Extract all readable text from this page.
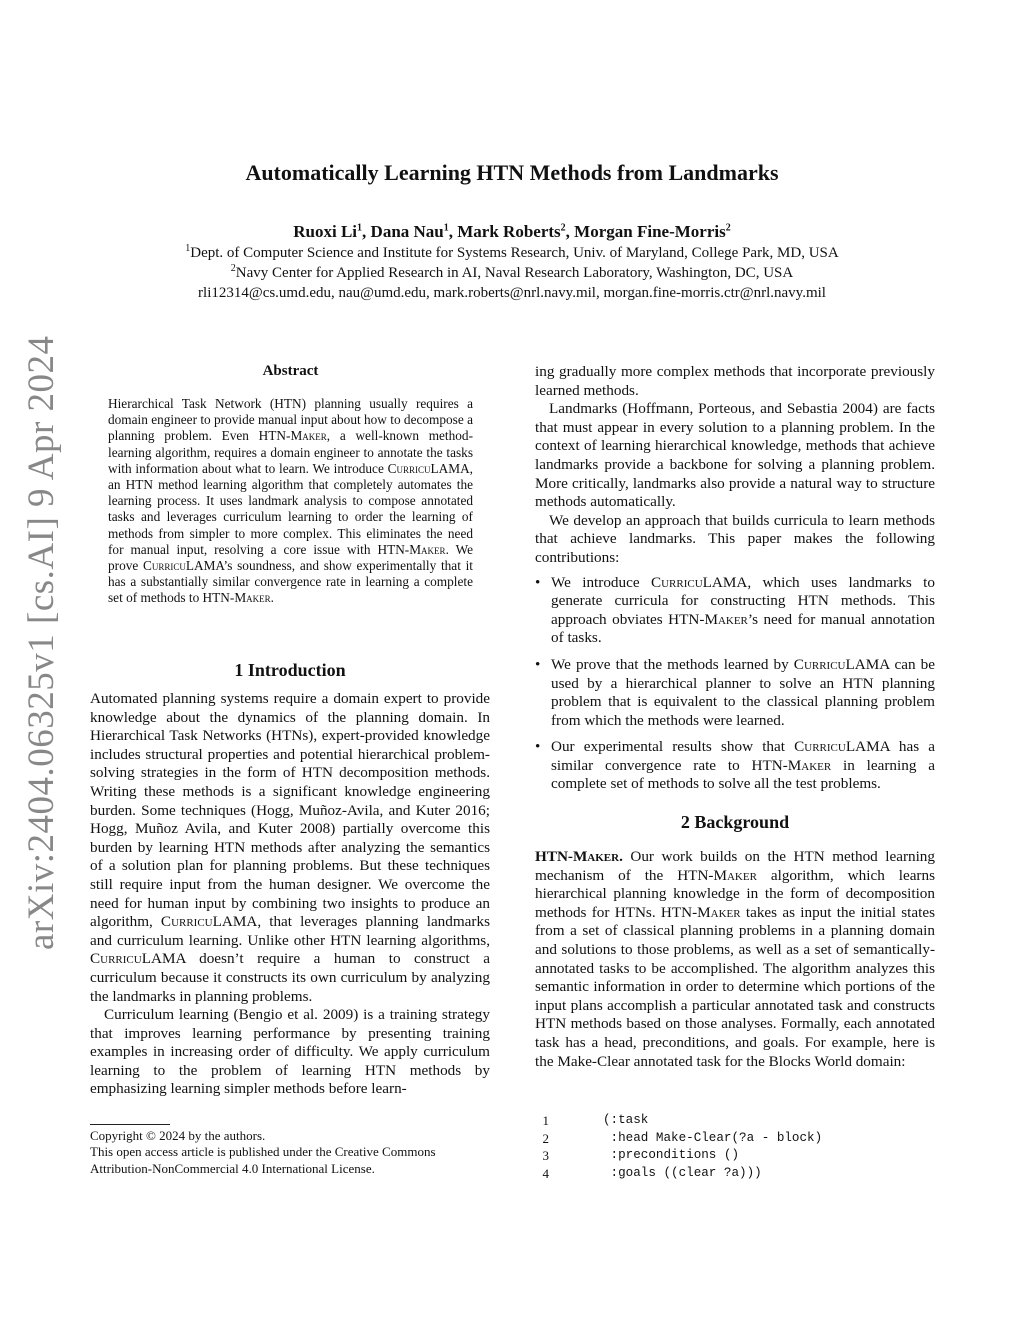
arXiv:2404.06325v1 [cs.AI] 9 Apr 2024
Automatically Learning HTN Methods from Landmarks
Ruoxi Li$^1$, Dana Nau$^1$, Mark Roberts$^2$, Morgan Fine-Morris$^2$
$^1$Dept. of Computer Science and Institute for Systems Research, Univ. of Maryland, College Park, MD, USA
$^2$Navy Center for Applied Research in AI, Naval Research Laboratory, Washington, DC, USA
rli12314@cs.umd.edu, nau@umd.edu, mark.roberts@nrl.navy.mil, morgan.fine-morris.ctr@nrl.navy.mil
Abstract
Hierarchical Task Network (HTN) planning usually requires a domain engineer to provide manual input about how to decompose a planning problem. Even HTN-Maker, a well-known method-learning algorithm, requires a domain engineer to annotate the tasks with information about what to learn. We introduce CurricuLAMA, an HTN method learning algorithm that completely automates the learning process. It uses landmark analysis to compose annotated tasks and leverages curriculum learning to order the learning of methods from simpler to more complex. This eliminates the need for manual input, resolving a core issue with HTN-Maker. We prove CurricuLAMA’s soundness, and show experimentally that it has a substantially similar convergence rate in learning a complete set of methods to HTN-Maker.
1 Introduction

Automated planning systems require a domain expert to provide knowledge about the dynamics of the planning domain. In Hierarchical Task Networks (HTNs), expert-provided knowledge includes structural properties and potential hierarchical problem-solving strategies in the form of HTN decomposition methods. Writing these methods is a significant knowledge engineering burden. Some techniques (Hogg, Muñoz-Avila, and Kuter 2016; Hogg, Muñoz Avila, and Kuter 2008) partially overcome this burden by learning HTN methods after analyzing the semantics of a solution plan for planning problems. But these techniques still require input from the human designer. We overcome the need for human input by combining two insights to produce an algorithm, CurricuLAMA, that leverages planning landmarks and curriculum learning. Unlike other HTN learning algorithms, CurricuLAMA doesn’t require a human to construct a curriculum because it constructs its own curriculum by analyzing the landmarks in planning problems.

Curriculum learning (Bengio et al. 2009) is a training strategy that improves learning performance by presenting training examples in increasing order of difficulty. We apply curriculum learning to the problem of learning HTN methods by emphasizing learning simpler methods before learn-

Copyright © 2024 by the authors.
This open access article is published under the Creative Commons Attribution-NonCommercial 4.0 International License.

ing gradually more complex methods that incorporate previously learned methods.

Landmarks (Hoffmann, Porteous, and Sebastia 2004) are facts that must appear in every solution to a planning problem. In the context of learning hierarchical knowledge, methods that achieve landmarks provide a backbone for solving a planning problem. More critically, landmarks also provide a natural way to structure methods automatically.

We develop an approach that builds curricula to learn methods that achieve landmarks. This paper makes the following contributions:

• We introduce CurricuLAMA, which uses landmarks to generate curricula for constructing HTN methods. This approach obviates HTN-Maker’s need for manual annotation of tasks.
• We prove that the methods learned by CurricuLAMA can be used by a hierarchical planner to solve an HTN planning problem that is equivalent to the classical planning problem from which the methods were learned.
• Our experimental results show that CurricuLAMA has a similar convergence rate to HTN-Maker in learning a complete set of methods to solve all the test problems.
2 Background

HTN-Maker. Our work builds on the HTN method learning mechanism of the HTN-Maker algorithm, which learns hierarchical planning knowledge in the form of decomposition methods for HTNs. HTN-Maker takes as input the initial states from a set of classical planning problems in a planning domain and solutions to those problems, as well as a set of semantically-annotated tasks to be accomplished. The algorithm analyzes this semantic information in order to determine which portions of the input plans accomplish a particular annotated task and constructs HTN methods based on those analyses. Formally, each annotated task has a head, preconditions, and goals. For example, here is the Make-Clear annotated task for the Blocks World domain:

1	(:task
2	:head Make-Clear(?a - block)
3	:preconditions ()
4	:goals ((clear ?a)))
